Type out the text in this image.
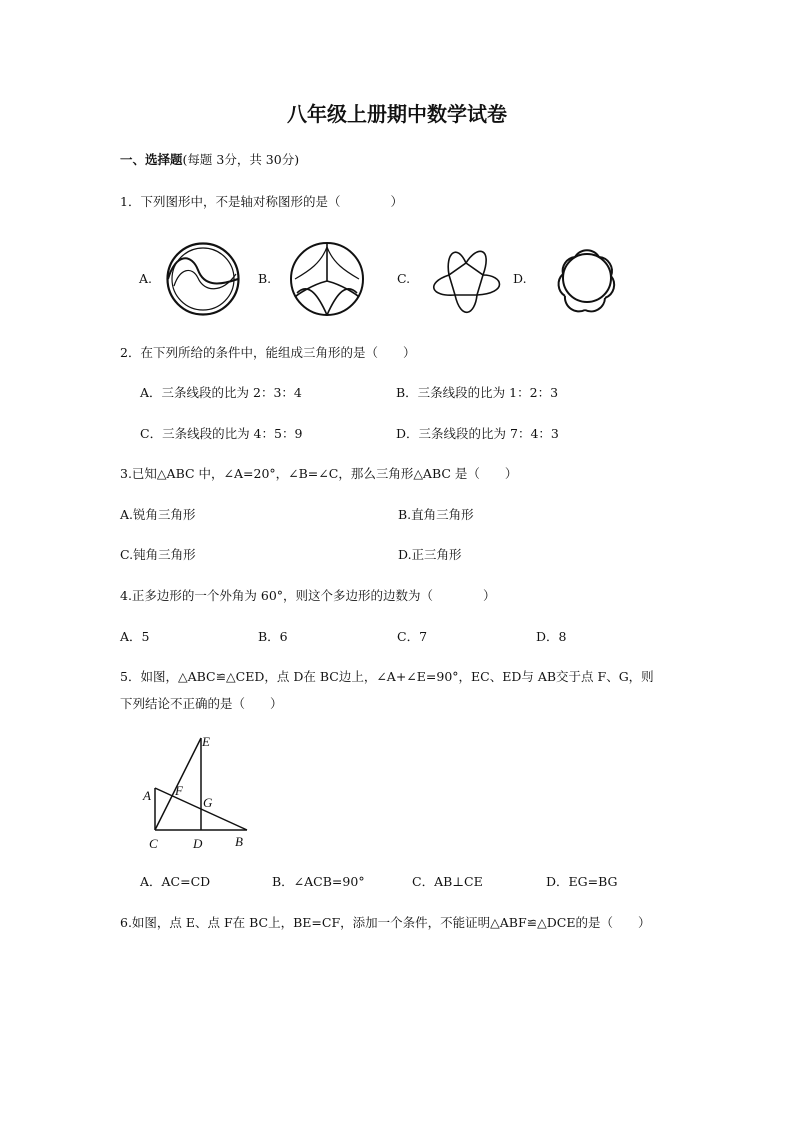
八年级上册期中数学试卷
一、选择题(每题 3分，共 30分)
1．下列图形中，不是轴对称图形的是（　　　　）
A.	B.	C.	D.
2．在下列所给的条件中，能组成三角形的是（　　）
A．三条线段的比为 2：3：4	B．三条线段的比为 1：2：3
C．三条线段的比为 4：5：9	D．三条线段的比为 7：4：3
3.已知△ABC 中，∠A=20°，∠B=∠C，那么三角形△ABC 是（　　）
A.锐角三角形	B.直角三角形
C.钝角三角形	D.正三角形
4.正多边形的一个外角为 60°，则这个多边形的边数为（　　　　）
A．5	B．6	C．7	D．8
5．如图，△ABC≌△CED，点 D在 BC边上，∠A+∠E=90°，EC、ED与 AB交于点 F、G，则
下列结论不正确的是（　　）
E
A F
G
C	D	B
A．AC=CD	B．∠ACB=90°	C．AB⊥CE	D．EG=BG
6.如图，点 E、点 F在 BC上，BE=CF，添加一个条件，不能证明△ABF≌△DCE的是（　　）
